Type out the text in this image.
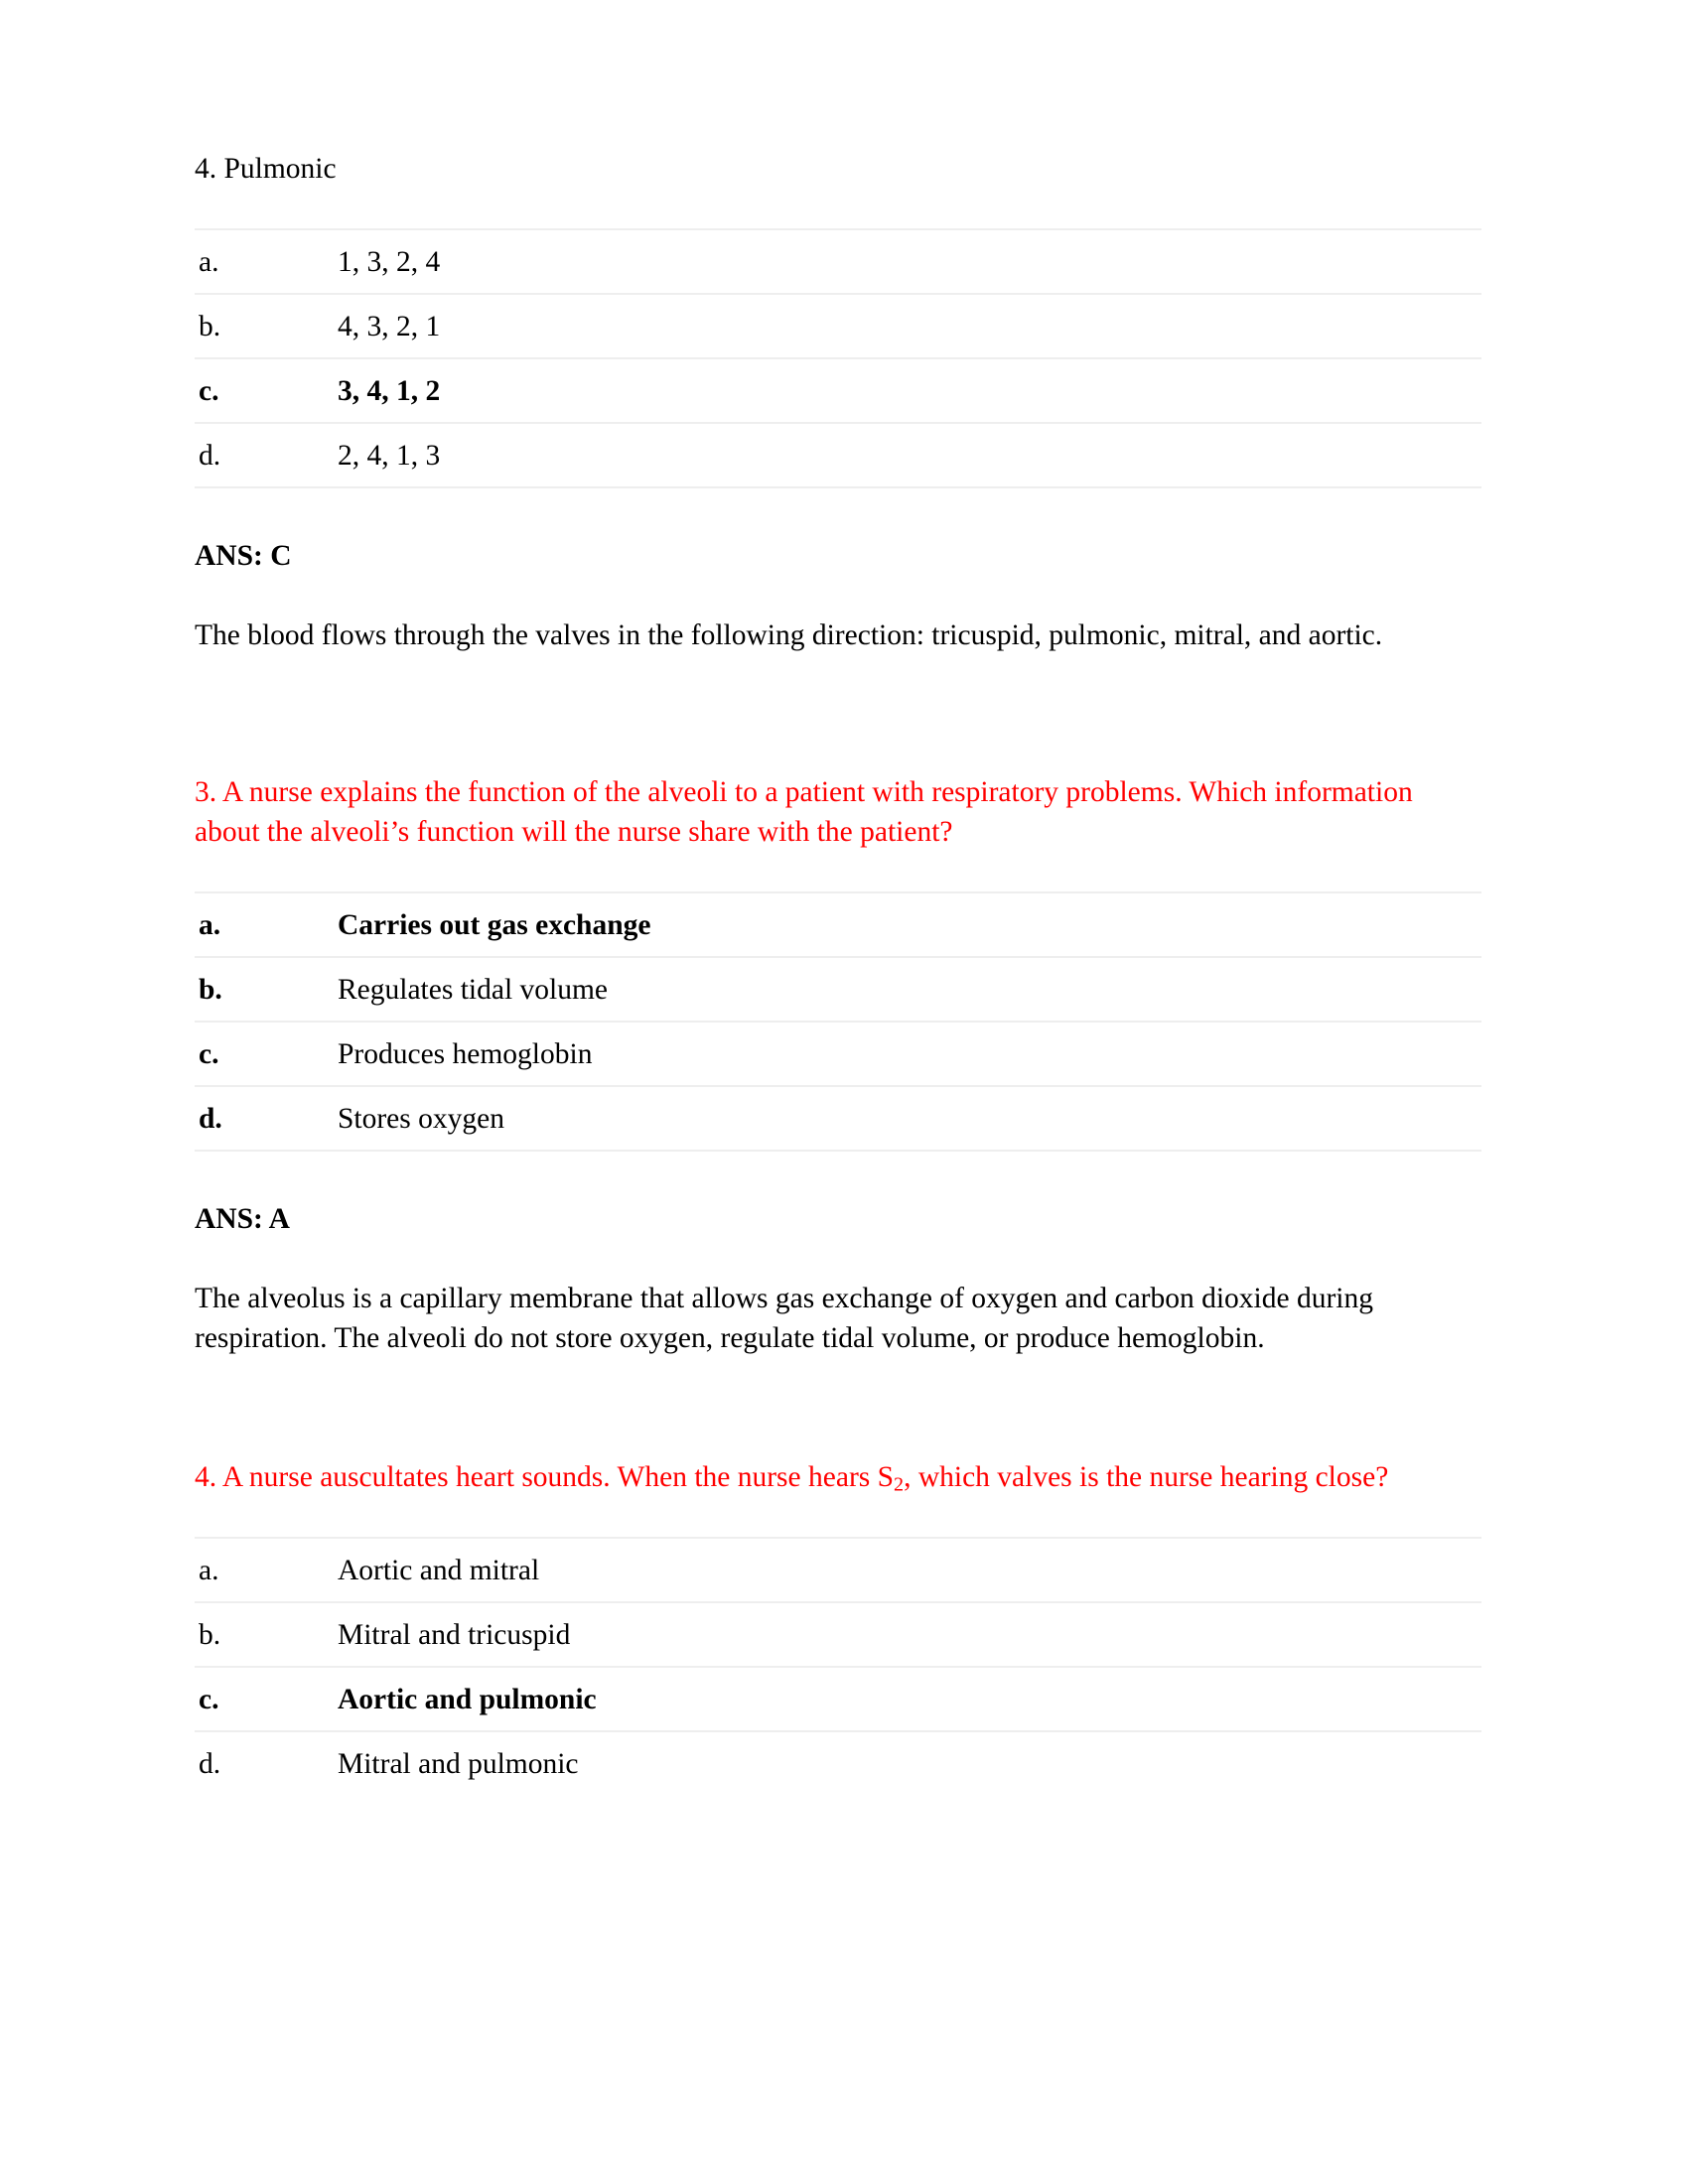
4. Pulmonic

a.	1, 3, 2, 4
b.	4, 3, 2, 1
c.	3, 4, 1, 2
d.	2, 4, 1, 3

ANS: C

The blood flows through the valves in the following direction: tricuspid, pulmonic, mitral, and aortic.

3. A nurse explains the function of the alveoli to a patient with respiratory problems. Which information about the alveoli’s function will the nurse share with the patient?

a.	Carries out gas exchange
b.	Regulates tidal volume
c.	Produces hemoglobin
d.	Stores oxygen

ANS: A

The alveolus is a capillary membrane that allows gas exchange of oxygen and carbon dioxide during respiration. The alveoli do not store oxygen, regulate tidal volume, or produce hemoglobin.

4. A nurse auscultates heart sounds. When the nurse hears $S_2$, which valves is the nurse hearing close?

a.	Aortic and mitral
b.	Mitral and tricuspid
c.	Aortic and pulmonic
d.	Mitral and pulmonic
